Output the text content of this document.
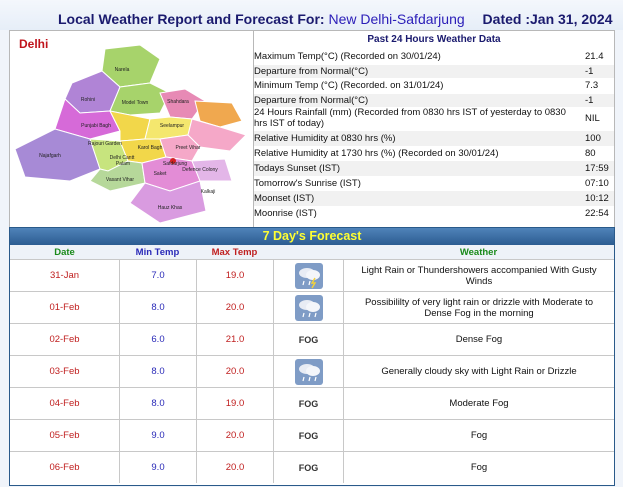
Local Weather Report and Forecast For: New Delhi-Safdarjung Dated :Jan 31, 2024
Narela
Rohini	Model Town	Shahdara
Punjabi Bagh	Seelampur
Rajouri Garden
Delhi Cantt
Karol Bagh	Preet Vihar
Najafgarh
Vasant Vihar
Defence Colony
Kalkaji
Saket
Hauz Khas
Palam	Safdarjung
Delhi	Past 24 Hours Weather Data
Maximum Temp(°C) (Recorded on 30/01/24)	21.4
Departure from Normal(°C)	-1
Minimum Temp (°C) (Recorded. on 31/01/24)	7.3
Departure from Normal(°C)	-1
24 Hours Rainfall (mm) (Recorded from 0830 hrs IST of yesterday to 0830 hrs IST of today)	NIL
Relative Humidity at 0830 hrs (%)	100
Relative Humidity at 1730 hrs (%) (Recorded on 30/01/24)	80
Todays Sunset (IST)	17:59
Tomorrow's Sunrise (IST)	07:10
Moonset (IST)	10:12
Moonrise (IST)	22:54
7 Day's Forecast
Date	Min Temp	Max Temp	Weather
31-Jan	7.0	19.0	Light Rain or Thundershowers accompanied With Gusty Winds
01-Feb	8.0	20.0	Possibililty of very light rain or drizzle with Moderate to Dense Fog in the morning
02-Feb	6.0	21.0	FOG	Dense Fog
03-Feb	8.0	20.0	Generally cloudy sky with Light Rain or Drizzle
04-Feb	8.0	19.0	FOG	Moderate Fog
05-Feb	9.0	20.0	FOG	Fog
06-Feb	9.0	20.0	FOG	Fog
